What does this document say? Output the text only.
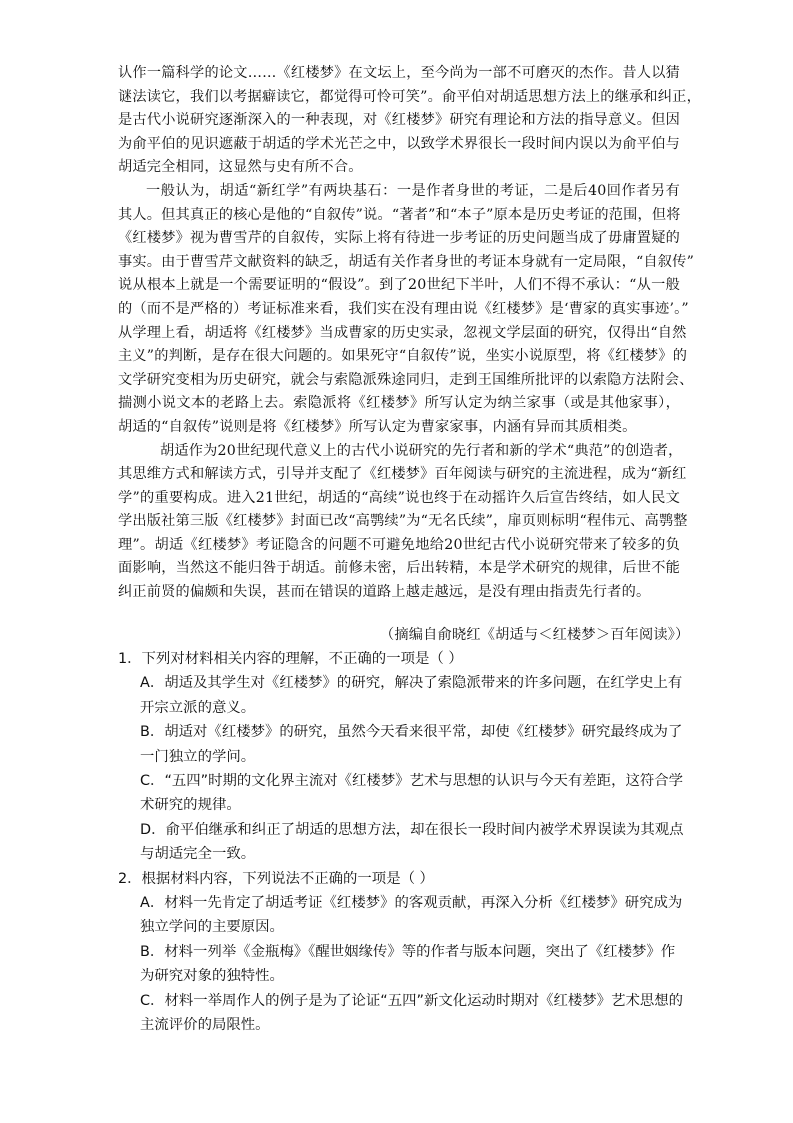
认作一篇科学的论文……《红楼梦》在文坛上，至今尚为一部不可磨灭的杰作。昔人以猜
谜法读它，我们以考据癖读它，都觉得可怜可笑”。俞平伯对胡适思想方法上的继承和纠正，
是古代小说研究逐渐深入的一种表现，对《红楼梦》研究有理论和方法的指导意义。但因
为俞平伯的见识遮蔽于胡适的学术光芒之中，以致学术界很长一段时间内误以为俞平伯与
胡适完全相同，这显然与史有所不合。
一般认为，胡适“新红学”有两块基石：一是作者身世的考证，二是后40回作者另有
其人。但其真正的核心是他的“自叙传”说。“著者”和“本子”原本是历史考证的范围，但将
《红楼梦》视为曹雪芹的自叙传，实际上将有待进一步考证的历史问题当成了毋庸置疑的
事实。由于曹雪芹文献资料的缺乏，胡适有关作者身世的考证本身就有一定局限，“自叙传”
说从根本上就是一个需要证明的“假设”。到了20世纪下半叶，人们不得不承认：“从一般
的（而不是严格的）考证标准来看，我们实在没有理由说《红楼梦》是‘曹家的真实事迹’。”
从学理上看，胡适将《红楼梦》当成曹家的历史实录，忽视文学层面的研究，仅得出“自然
主义”的判断，是存在很大问题的。如果死守“自叙传”说，坐实小说原型，将《红楼梦》的
文学研究变相为历史研究，就会与索隐派殊途同归，走到王国维所批评的以索隐方法附会、
揣测小说文本的老路上去。索隐派将《红楼梦》所写认定为纳兰家事（或是其他家事），
胡适的“自叙传”说则是将《红楼梦》所写认定为曹家家事，内涵有异而其质相类。
胡适作为20世纪现代意义上的古代小说研究的先行者和新的学术“典范”的创造者，
其思维方式和解读方式，引导并支配了《红楼梦》百年阅读与研究的主流进程，成为“新红
学”的重要构成。进入21世纪，胡适的“高续”说也终于在动摇许久后宣告终结，如人民文
学出版社第三版《红楼梦》封面已改“高鹗续”为“无名氏续”，扉页则标明“程伟元、高鹗整
理”。胡适《红楼梦》考证隐含的问题不可避免地给20世纪古代小说研究带来了较多的负
面影响，当然这不能归咎于胡适。前修未密，后出转精，本是学术研究的规律，后世不能
纠正前贤的偏颇和失误，甚而在错误的道路上越走越远，是没有理由指责先行者的。
（摘编自俞晓红《胡适与＜红楼梦＞百年阅读》）
1．下列对材料相关内容的理解，不正确的一项是（ ）
A．胡适及其学生对《红楼梦》的研究，解决了索隐派带来的许多问题，在红学史上有
开宗立派的意义。
B．胡适对《红楼梦》的研究，虽然今天看来很平常，却使《红楼梦》研究最终成为了
一门独立的学问。
C．“五四”时期的文化界主流对《红楼梦》艺术与思想的认识与今天有差距，这符合学
术研究的规律。
D．俞平伯继承和纠正了胡适的思想方法，却在很长一段时间内被学术界误读为其观点
与胡适完全一致。
2．根据材料内容，下列说法不正确的一项是（ ）
A．材料一先肯定了胡适考证《红楼梦》的客观贡献，再深入分析《红楼梦》研究成为
独立学问的主要原因。
B．材料一列举《金瓶梅》《醒世姻缘传》等的作者与版本问题，突出了《红楼梦》作
为研究对象的独特性。
C．材料一举周作人的例子是为了论证“五四”新文化运动时期对《红楼梦》艺术思想的
主流评价的局限性。
